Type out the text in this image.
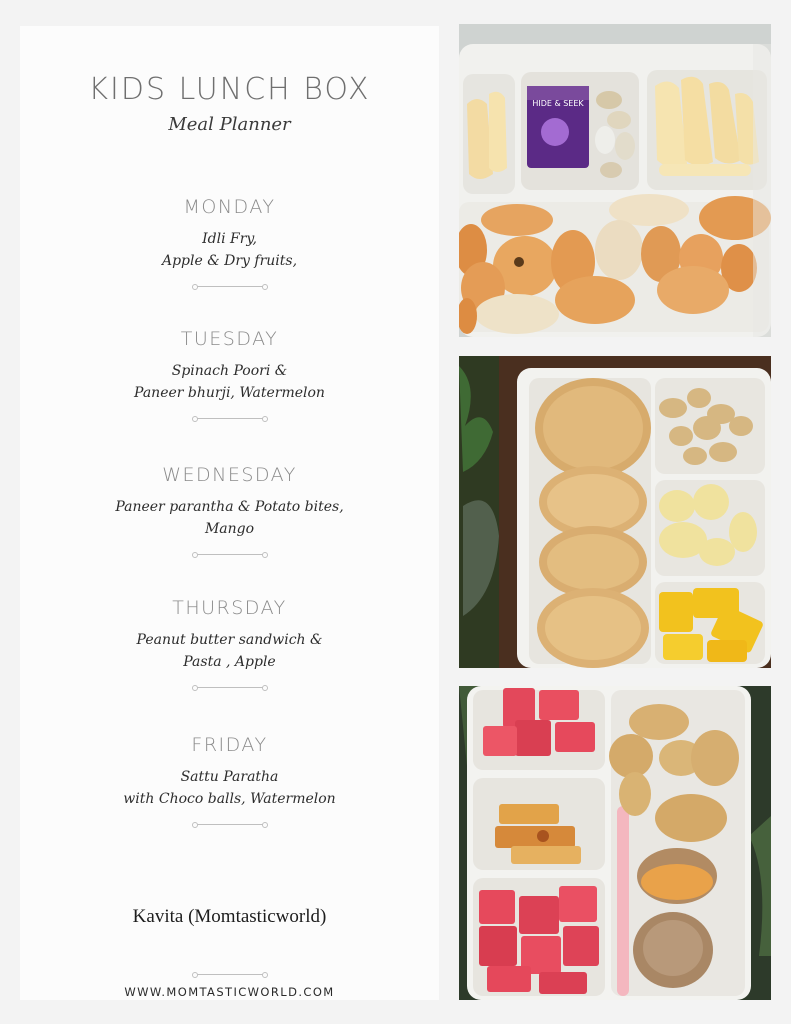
KIDS LUNCH BOX
Meal Planner
MONDAY
Idli Fry,
Apple & Dry fruits,
TUESDAY
Spinach Poori &
Paneer bhurji, Watermelon
WEDNESDAY
Paneer parantha & Potato bites,
Mango
THURSDAY
Peanut butter sandwich &
Pasta , Apple
FRIDAY
Sattu Paratha
with Choco balls, Watermelon
Kavita (Momtasticworld)
WWW.MOMTASTICWORLD.COM
HIDE & SEEK
